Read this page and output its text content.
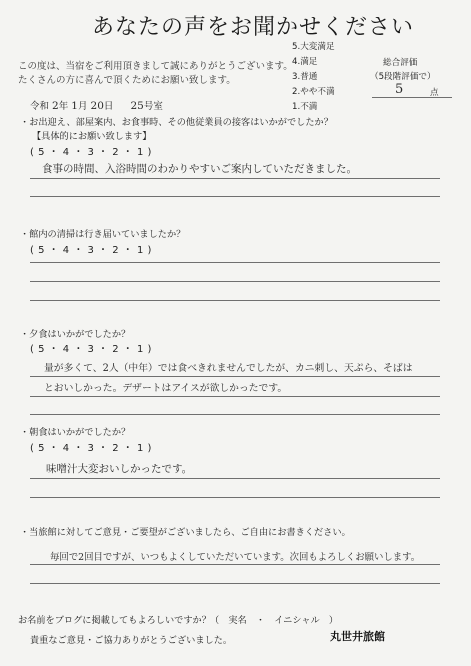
あなたの声をお聞かせください
この度は、当宿をご利用頂きまして誠にありがとうございます。
たくさんの方に喜んで頂くためにお願い致します。
5.大変満足
4.満足
3.普通
2.やや不満
1.不満
総合評価
（5段階評価で）
5	点
令和 2年 1月 20日 25号室
・お出迎え、部屋案内、お食事時、その他従業員の接客はいかがでしたか？
【具体的にお願い致します】
( 5 ・ 4 ・ 3 ・ 2 ・ 1 )
食事の時間、入浴時間のわかりやすいご案内していただきました。
・館内の清掃は行き届いていましたか？
( 5 ・ 4 ・ 3 ・ 2 ・ 1 )
・夕食はいかがでしたか？
( 5 ・ 4 ・ 3 ・ 2 ・ 1 )
量が多くて、2人（中年）では食べきれませんでしたが、カニ刺し、天ぷら、そばは
とおいしかった。デザートはアイスが欲しかったです。
・朝食はいかがでしたか？
( 5 ・ 4 ・ 3 ・ 2 ・ 1 )
味噌汁大変おいしかったです。
・当旅館に対してご意見・ご要望がございましたら、ご自由にお書きください。
毎回で2回目ですが、いつもよくしていただいています。次回もよろしくお願いします。
お名前をブログに掲載してもよろしいですか？ （　実名　・　イニシャル　）
貴重なご意見・ご協力ありがとうございました。	丸世井旅館
